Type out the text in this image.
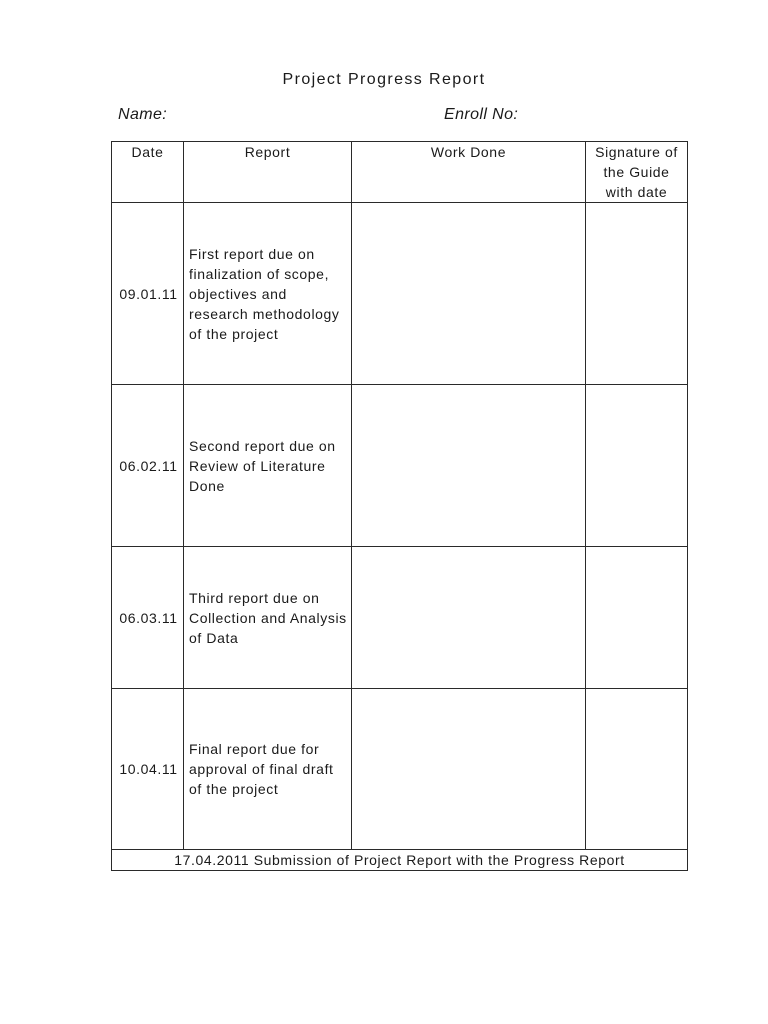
Project Progress Report
Name:	Enroll No:
Date	Report	Work Done	Signature of
the Guide
with date

09.01.11	First report due on
finalization of scope,
objectives and
research methodology
of the project		

06.02.11	Second report due on
Review of Literature
Done		

06.03.11	Third report due on
Collection and Analysis
of Data		

10.04.11	Final report due for
approval of final draft
of the project		

17.04.2011 Submission of Project Report with the Progress Report			
